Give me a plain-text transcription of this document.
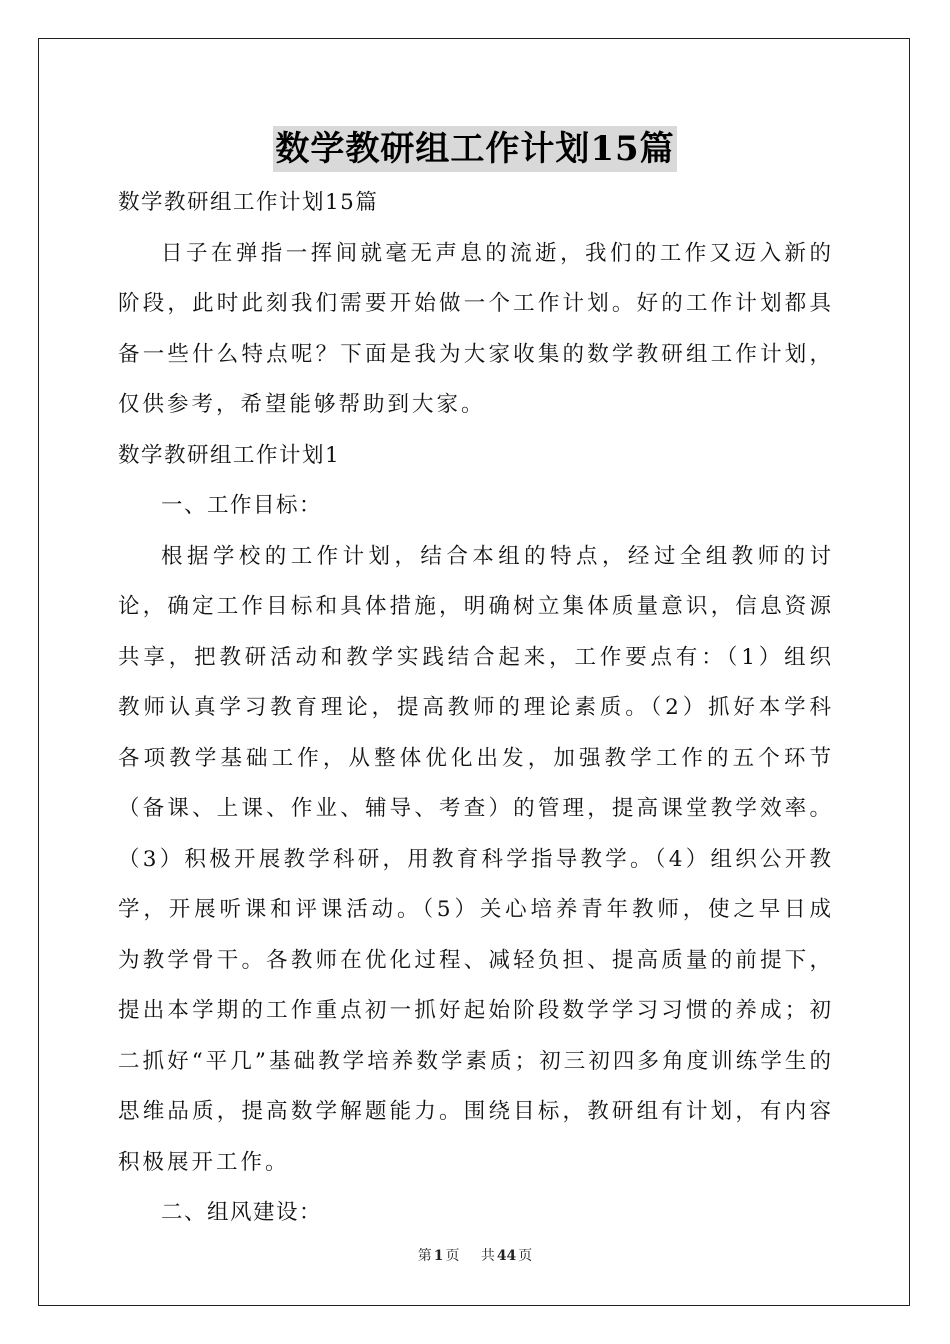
数学教研组工作计划15篇

数学教研组工作计划15篇

日子在弹指一挥间就毫无声息的流逝，我们的工作又迈入新的阶段，此时此刻我们需要开始做一个工作计划。好的工作计划都具备一些什么特点呢？下面是我为大家收集的数学教研组工作计划，仅供参考，希望能够帮助到大家。

数学教研组工作计划1

一、工作目标：

根据学校的工作计划，结合本组的特点，经过全组教师的讨论，确定工作目标和具体措施，明确树立集体质量意识，信息资源共享，把教研活动和教学实践结合起来，工作要点有：（1）组织教师认真学习教育理论，提高教师的理论素质。（2）抓好本学科各项教学基础工作，从整体优化出发，加强教学工作的五个环节（备课、上课、作业、辅导、考查）的管理，提高课堂教学效率。（3）积极开展教学科研，用教育科学指导教学。（4）组织公开教学，开展听课和评课活动。（5）关心培养青年教师，使之早日成为教学骨干。各教师在优化过程、减轻负担、提高质量的前提下，提出本学期的工作重点初一抓好起始阶段数学学习习惯的养成；初二抓好“平几”基础教学培养数学素质；初三初四多角度训练学生的思维品质，提高数学解题能力。围绕目标，教研组有计划，有内容积极展开工作。

二、组风建设：

第 1 页 共 44 页
